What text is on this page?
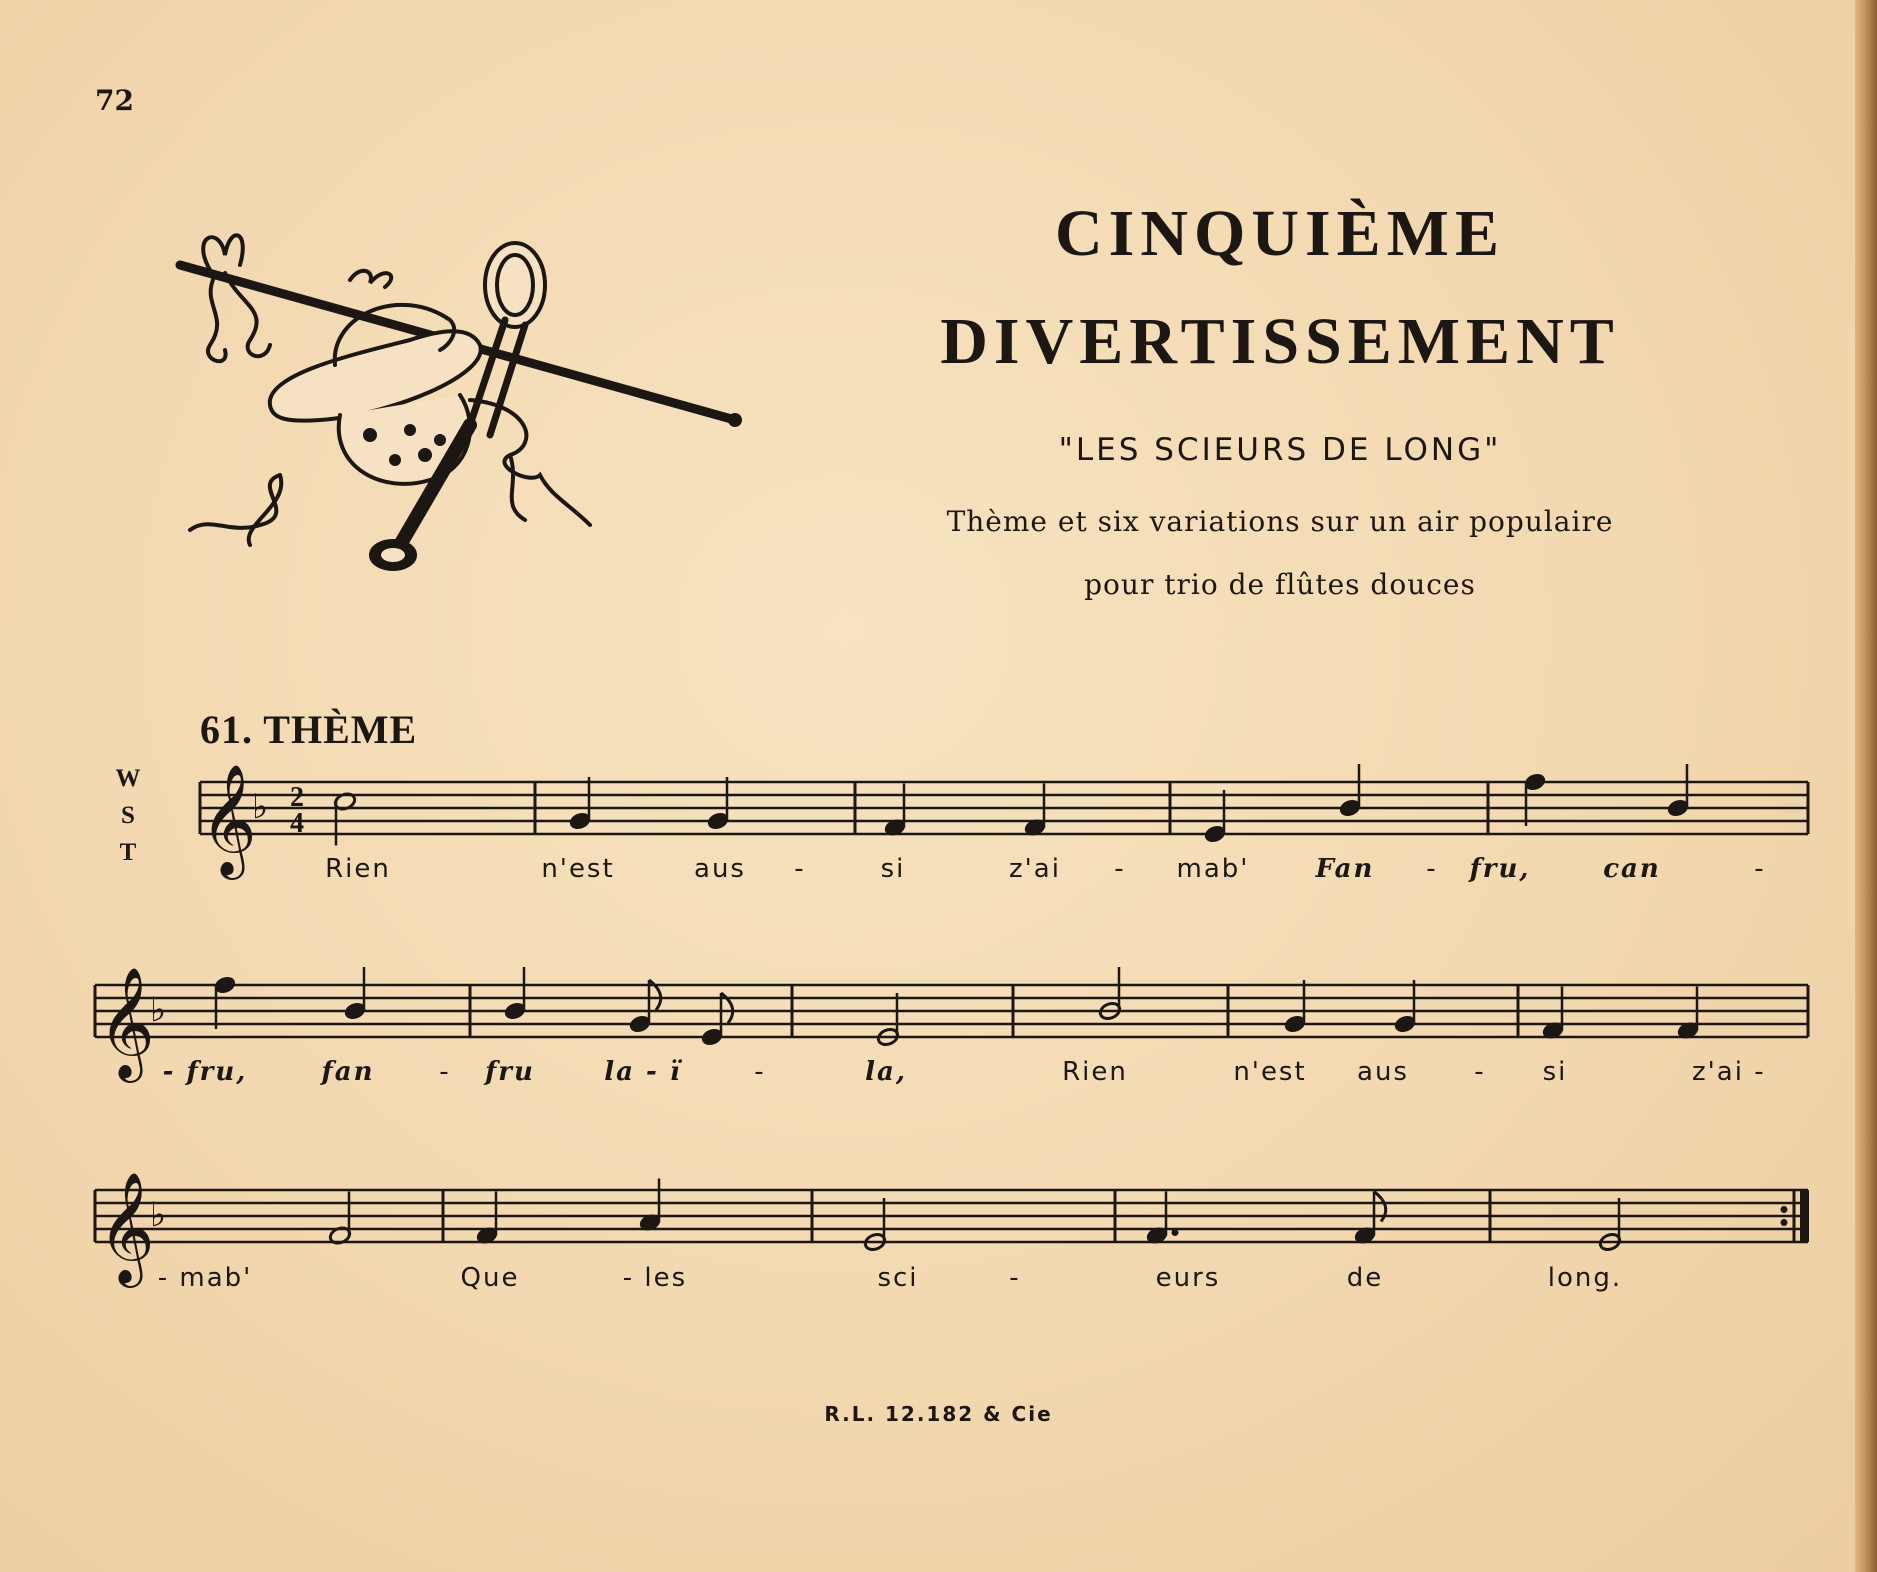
72
CINQUIÈME
DIVERTISSEMENT
"LES SCIEURS DE LONG"
Thème et six variations sur un air populaire
pour trio de flûtes douces
61. THÈME
W
S
T 𝄞
♭ 2
4
Rien	n'est	aus -	si	z'ai - mab'	Fan - fru,	can	-
𝄞
♭
- fru,	fan - fru	la - ï	-	la,	Rien	n'est aus	- si	z'ai -
𝄞
♭
- mab'	Que	- les	sci	-	eurs	de	long.
R.L. 12.182 & Cie
